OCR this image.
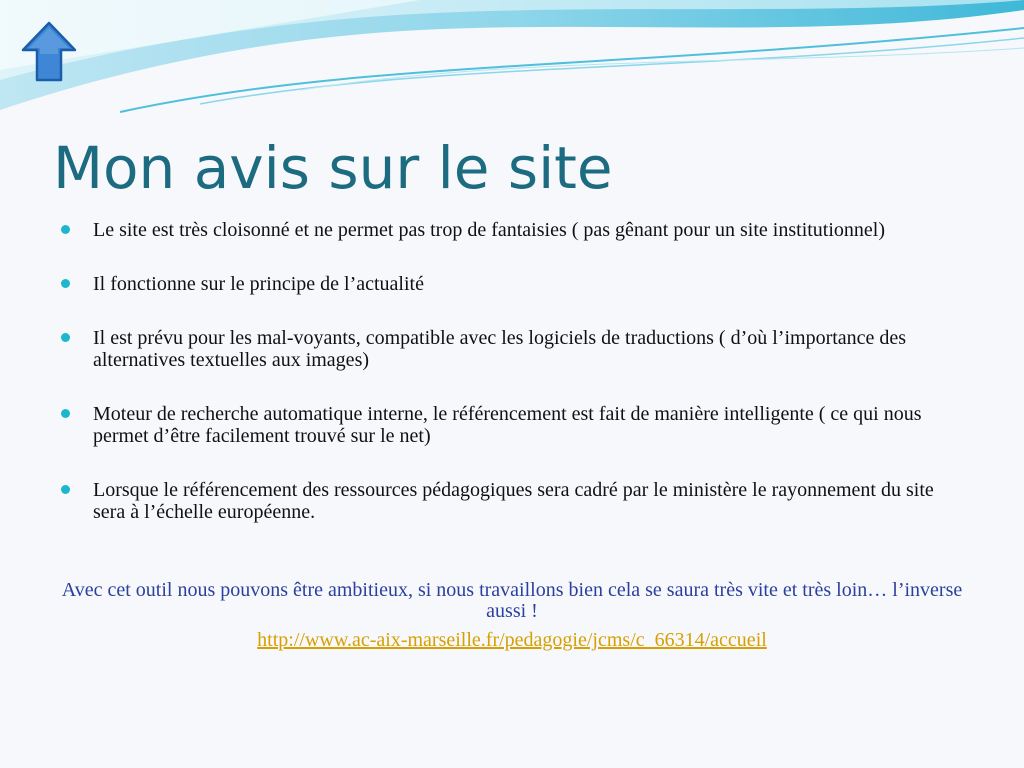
Mon avis sur le site
Le site est très cloisonné et ne permet pas trop de fantaisies ( pas gênant pour un site institutionnel)
Il fonctionne sur le principe de l’actualité
Il est prévu pour les mal-voyants, compatible avec les logiciels de traductions ( d’où l’importance des alternatives textuelles aux images)
Moteur de recherche automatique interne, le référencement est fait de manière intelligente ( ce qui nous permet d’être facilement trouvé sur le net)
Lorsque le référencement des ressources pédagogiques sera cadré par le ministère le rayonnement du site sera à l’échelle européenne.

Avec cet outil nous pouvons être ambitieux, si nous travaillons bien cela se saura très vite et très loin… l’inverse aussi !

http://www.ac-aix-marseille.fr/pedagogie/jcms/c_66314/accueil
